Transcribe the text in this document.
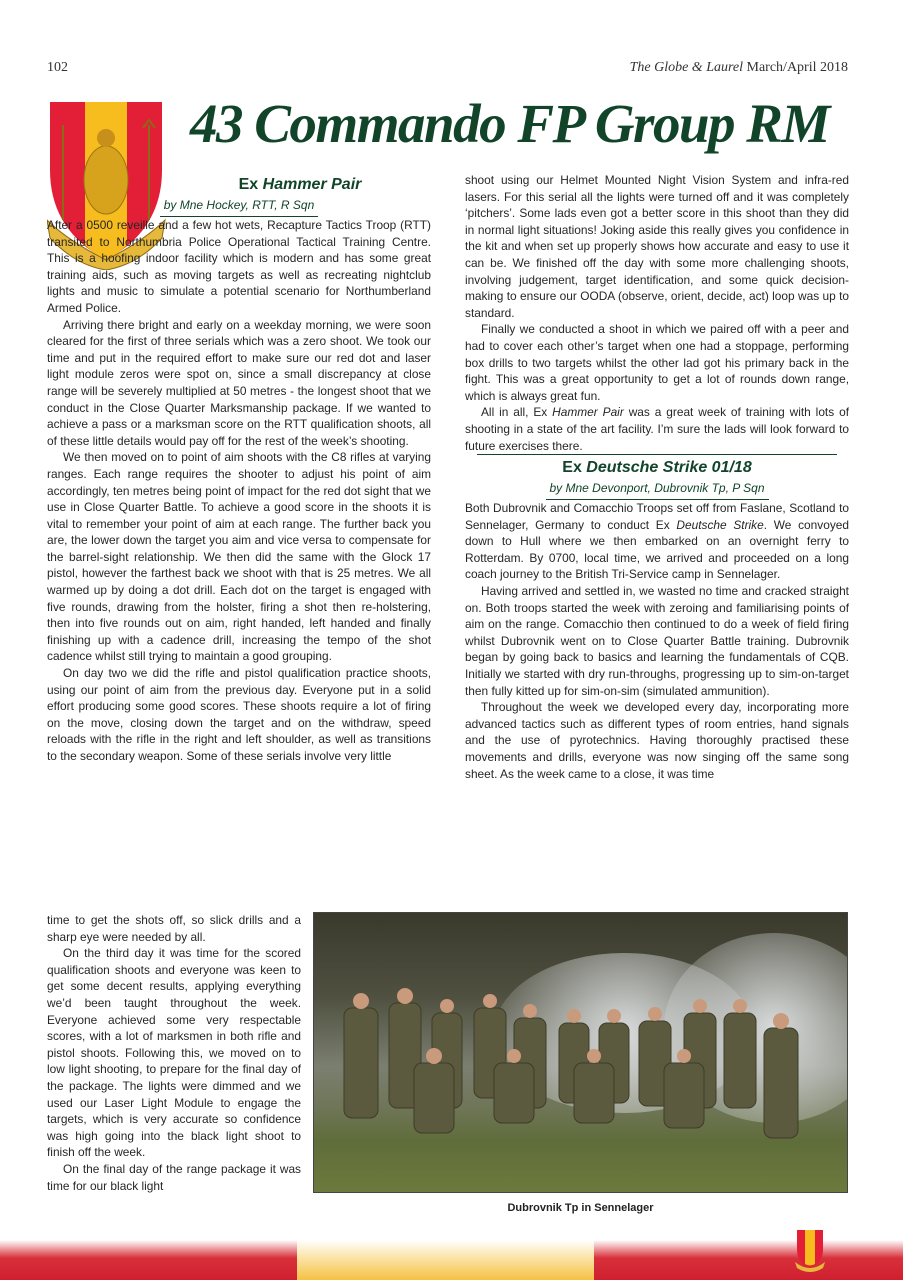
102	The Globe & Laurel March/April 2018
43 Commando FP Group RM
Ex Hammer Pair
by Mne Hockey, RTT, R Sqn

After a 0500 reveille and a few hot wets, Recapture Tactics Troop (RTT) transited to Northumbria Police Operational Tactical Training Centre. This is a hoofing indoor facility which is modern and has some great training aids, such as moving targets as well as recreating nightclub lights and music to simulate a potential scenario for Northumberland Armed Police.

Arriving there bright and early on a weekday morning, we were soon cleared for the first of three serials which was a zero shoot. We took our time and put in the required effort to make sure our red dot and laser light module zeros were spot on, since a small discrepancy at close range will be severely multiplied at 50 metres - the longest shoot that we conduct in the Close Quarter Marksmanship package. If we wanted to achieve a pass or a marksman score on the RTT qualification shoots, all of these little details would pay off for the rest of the week’s shooting.

We then moved on to point of aim shoots with the C8 rifles at varying ranges. Each range requires the shooter to adjust his point of aim accordingly, ten metres being point of impact for the red dot sight that we use in Close Quarter Battle. To achieve a good score in the shoots it is vital to remember your point of aim at each range. The further back you are, the lower down the target you aim and vice versa to compensate for the barrel-sight relationship. We then did the same with the Glock 17 pistol, however the farthest back we shoot with that is 25 metres. We all warmed up by doing a dot drill. Each dot on the target is engaged with five rounds, drawing from the holster, firing a shot then re-holstering, then into five rounds out on aim, right handed, left handed and finally finishing up with a cadence drill, increasing the tempo of the shot cadence whilst still trying to maintain a good grouping.

On day two we did the rifle and pistol qualification practice shoots, using our point of aim from the previous day. Everyone put in a solid effort producing some good scores. These shoots require a lot of firing on the move, closing down the target and on the withdraw, speed reloads with the rifle in the right and left shoulder, as well as transitions to the secondary weapon. Some of these serials involve very little

time to get the shots off, so slick drills and a sharp eye were needed by all.

On the third day it was time for the scored qualification shoots and everyone was keen to get some decent results, applying everything we’d been taught throughout the week. Everyone achieved some very respectable scores, with a lot of marksmen in both rifle and pistol shoots. Following this, we moved on to low light shooting, to prepare for the final day of the package. The lights were dimmed and we used our Laser Light Module to engage the targets, which is very accurate so confidence was high going into the black light shoot to finish off the week.

On the final day of the range package it was time for our black light

shoot using our Helmet Mounted Night Vision System and infra-red lasers. For this serial all the lights were turned off and it was completely ‘pitchers’. Some lads even got a better score in this shoot than they did in normal light situations! Joking aside this really gives you confidence in the kit and when set up properly shows how accurate and easy to use it can be. We finished off the day with some more challenging shoots, involving judgement, target identification, and some quick decision-making to ensure our OODA (observe, orient, decide, act) loop was up to standard.

Finally we conducted a shoot in which we paired off with a peer and had to cover each other’s target when one had a stoppage, performing box drills to two targets whilst the other lad got his primary back in the fight. This was a great opportunity to get a lot of rounds down range, which is always great fun.

All in all, Ex Hammer Pair was a great week of training with lots of shooting in a state of the art facility. I’m sure the lads will look forward to future exercises there.

Ex Deutsche Strike 01/18
by Mne Devonport, Dubrovnik Tp, P Sqn

Both Dubrovnik and Comacchio Troops set off from Faslane, Scotland to Sennelager, Germany to conduct Ex Deutsche Strike. We convoyed down to Hull where we then embarked on an overnight ferry to Rotterdam. By 0700, local time, we arrived and proceeded on a long coach journey to the British Tri-Service camp in Sennelager.

Having arrived and settled in, we wasted no time and cracked straight on. Both troops started the week with zeroing and familiarising points of aim on the range. Comacchio then continued to do a week of field firing whilst Dubrovnik went on to Close Quarter Battle training. Dubrovnik began by going back to basics and learning the fundamentals of CQB. Initially we started with dry run-throughs, progressing up to sim-on-target then fully kitted up for sim-on-sim (simulated ammunition).

Throughout the week we developed every day, incorporating more advanced tactics such as different types of room entries, hand signals and the use of pyrotechnics. Having thoroughly practised these movements and drills, everyone was now singing off the same song sheet. As the week came to a close, it was time

Dubrovnik Tp in Sennelager
